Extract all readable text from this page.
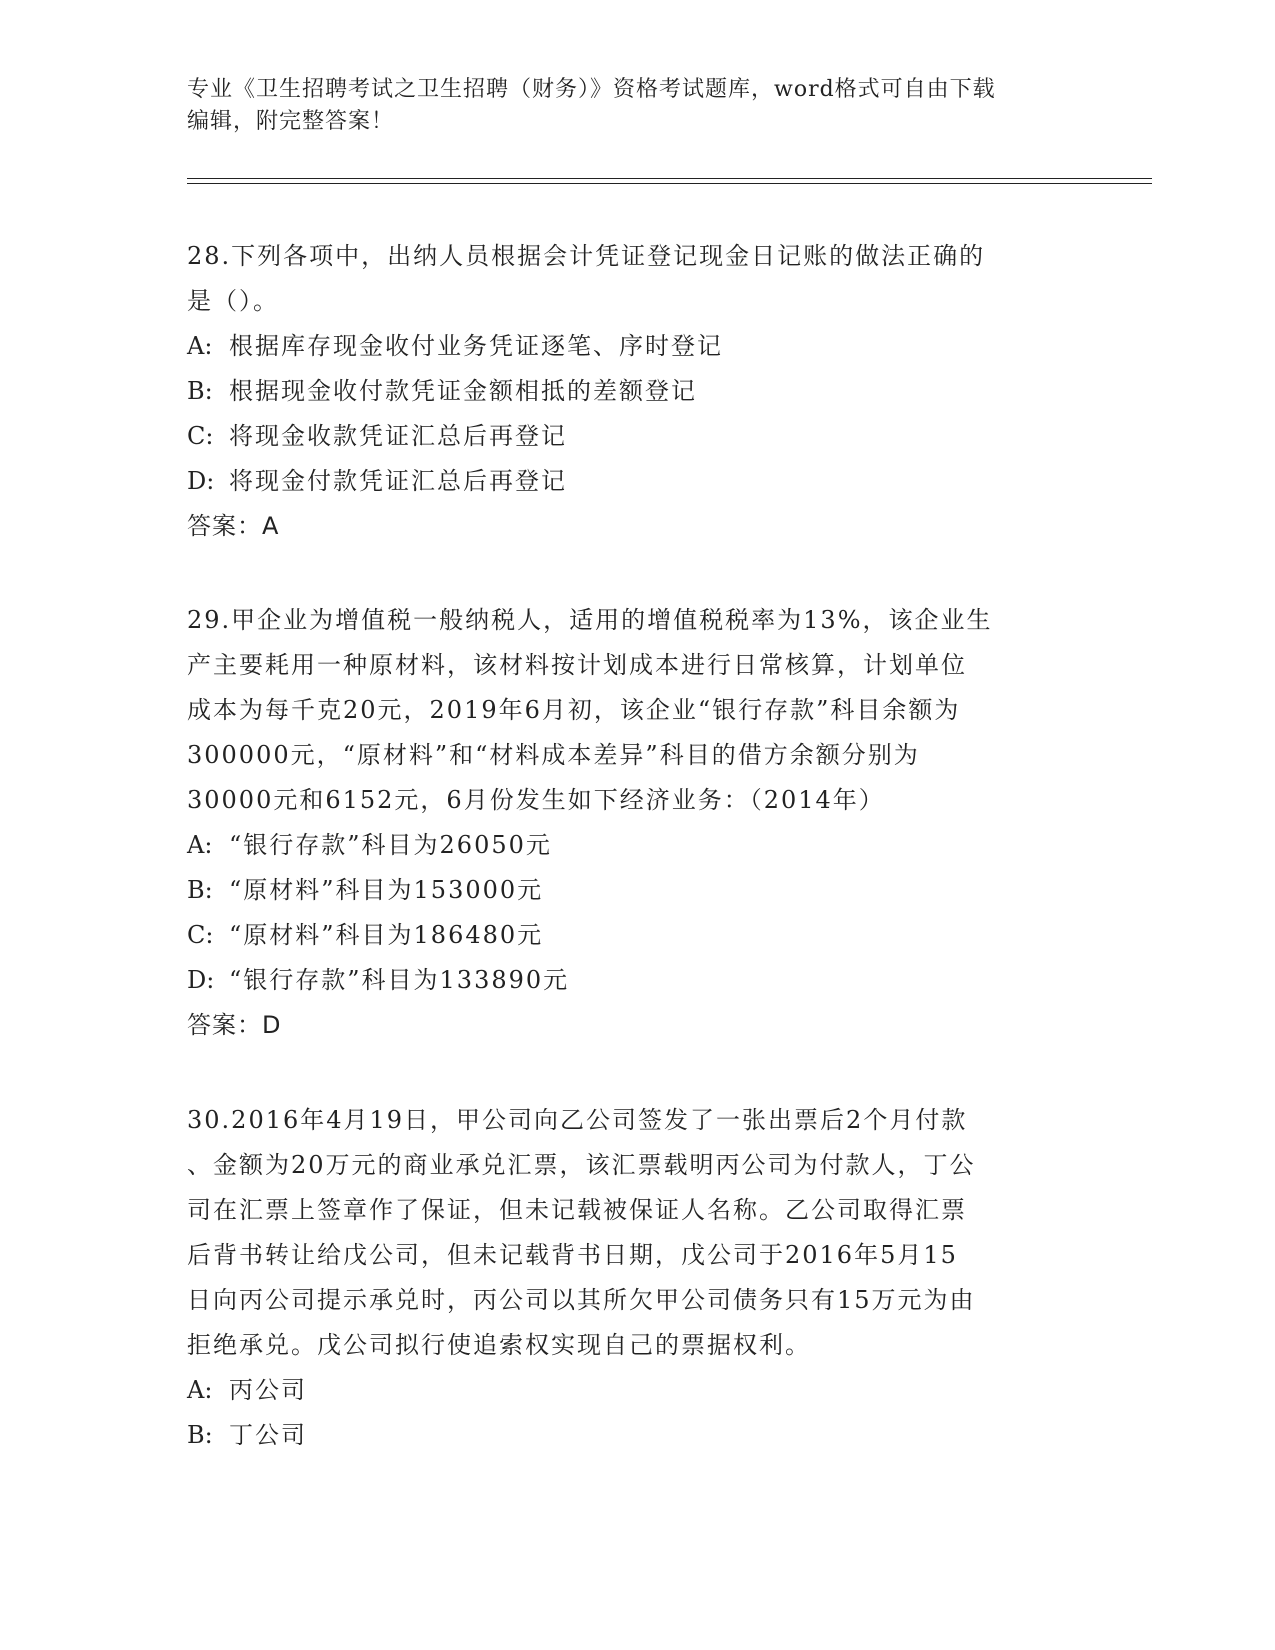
专业《卫生招聘考试之卫生招聘（财务）》资格考试题库，word格式可自由下载
编辑，附完整答案！

28.下列各项中，出纳人员根据会计凭证登记现金日记账的做法正确的

是（）。

A: 根据库存现金收付业务凭证逐笔、序时登记

B: 根据现金收付款凭证金额相抵的差额登记

C: 将现金收款凭证汇总后再登记

D: 将现金付款凭证汇总后再登记

答案：A

29.甲企业为增值税一般纳税人，适用的增值税税率为13%，该企业生

产主要耗用一种原材料，该材料按计划成本进行日常核算，计划单位

成本为每千克20元，2019年6月初，该企业“银行存款”科目余额为

300000元，“原材料”和“材料成本差异”科目的借方余额分别为

30000元和6152元，6月份发生如下经济业务：（2014年）

A: “银行存款”科目为26050元

B: “原材料”科目为153000元

C: “原材料”科目为186480元

D: “银行存款”科目为133890元

答案：D

30.2016年4月19日，甲公司向乙公司签发了一张出票后2个月付款

、金额为20万元的商业承兑汇票，该汇票载明丙公司为付款人，丁公

司在汇票上签章作了保证，但未记载被保证人名称。乙公司取得汇票

后背书转让给戊公司，但未记载背书日期，戊公司于2016年5月15

日向丙公司提示承兑时，丙公司以其所欠甲公司债务只有15万元为由

拒绝承兑。戊公司拟行使追索权实现自己的票据权利。

A: 丙公司

B: 丁公司
